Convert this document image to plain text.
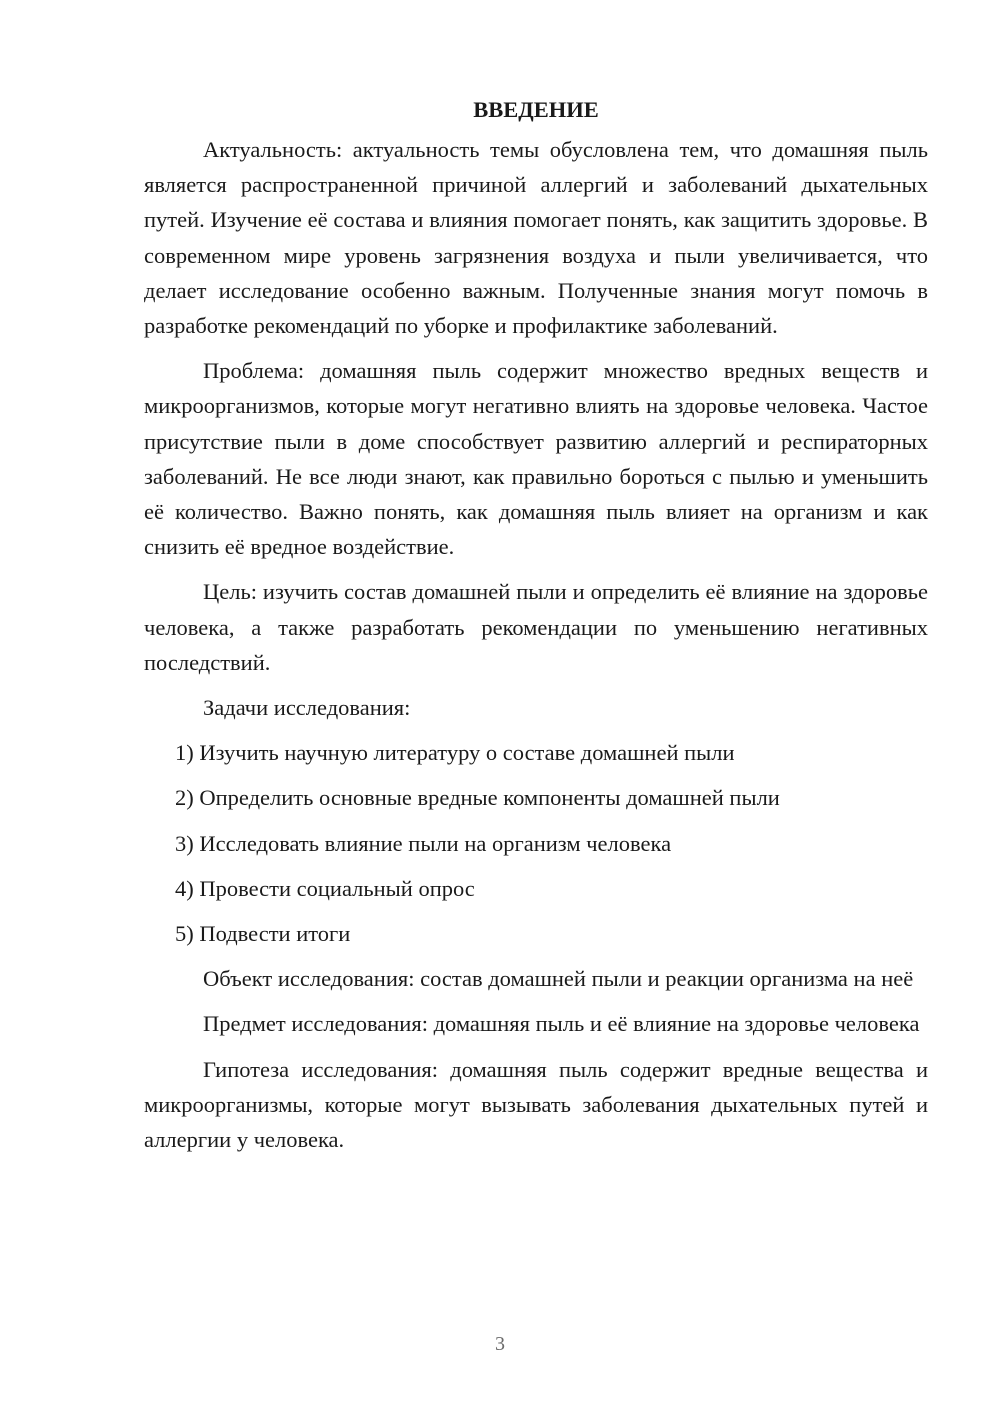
ВВЕДЕНИЕ

Актуальность: актуальность темы обусловлена тем, что домашняя пыль является распространенной причиной аллергий и заболеваний дыхательных путей. Изучение её состава и влияния помогает понять, как защитить здоровье. В современном мире уровень загрязнения воздуха и пыли увеличивается, что делает исследование особенно важным. Полученные знания могут помочь в разработке рекомендаций по уборке и профилактике заболеваний.

Проблема: домашняя пыль содержит множество вредных веществ и микроорганизмов, которые могут негативно влиять на здоровье человека. Частое присутствие пыли в доме способствует развитию аллергий и респираторных заболеваний. Не все люди знают, как правильно бороться с пылью и уменьшить её количество. Важно понять, как домашняя пыль влияет на организм и как снизить её вредное воздействие.

Цель: изучить состав домашней пыли и определить её влияние на здоровье человека, а также разработать рекомендации по уменьшению негативных последствий.

Задачи исследования:

1) Изучить научную литературу о составе домашней пыли

2) Определить основные вредные компоненты домашней пыли

3) Исследовать влияние пыли на организм человека

4) Провести социальный опрос

5) Подвести итоги

Объект исследования: состав домашней пыли и реакции организма на неё

Предмет исследования: домашняя пыль и её влияние на здоровье человека

Гипотеза исследования: домашняя пыль содержит вредные вещества и микроорганизмы, которые могут вызывать заболевания дыхательных путей и аллергии у человека.

3
